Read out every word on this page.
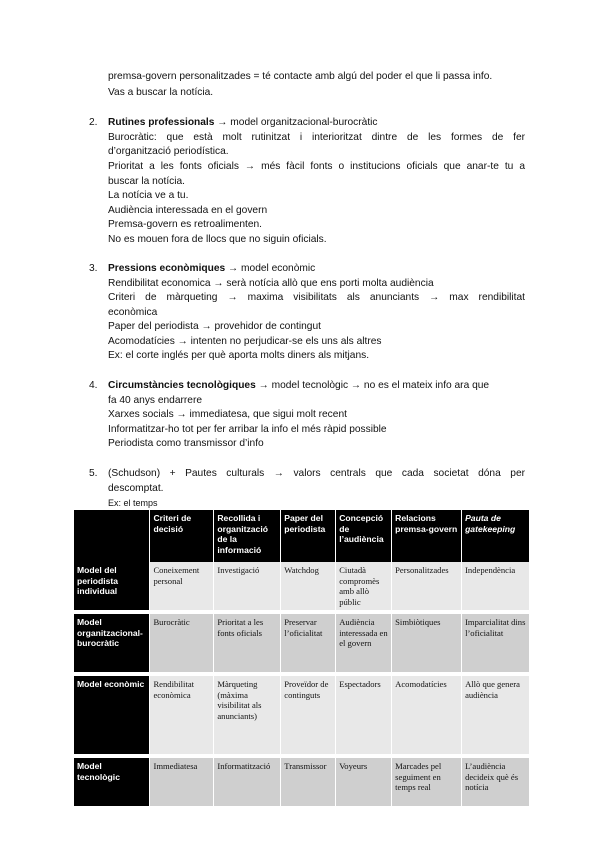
premsa-govern personalitzades = té contacte amb algú del poder el que li passa info.
Vas a buscar la notícia.
2. Rutines professionals → model organitzacional-burocràtic
Burocràtic: que està molt rutinitzat i interioritzat dintre de les formes de fer
d’organització periodística.
Prioritat a les fonts oficials → més fàcil fonts o institucions oficials que anar-te tu a
buscar la notícia.
La notícia ve a tu.
Audiència interessada en el govern
Premsa-govern es retroalimenten.
No es mouen fora de llocs que no siguin oficials.
3. Pressions econòmiques → model econòmic
Rendibilitat economica → serà notícia allò que ens porti molta audiència
Criteri de màrqueting → maxima visibilitats als anunciants → max rendibilitat
econòmica
Paper del periodista → provehidor de contingut
Acomodatícies → intenten no perjudicar-se els uns als altres
Ex: el corte inglés per què aporta molts diners als mitjans.
4. Circumstàncies tecnològiques → model tecnològic → no es el mateix info ara que
fa 40 anys endarrere
Xarxes socials → immediatesa, que sigui molt recent
Informatitzar-ho tot per fer arribar la info el més ràpid possible
Periodista como transmissor d’info
5. (Schudson) + Pautes culturals → valors centrals que cada societat dóna per
descomptat.
Ex: el temps
	Criteri de decisió	Recollida i organització de la informació	Paper del periodista	Concepció de l’audiència	Relacions premsa-govern	Pauta de gatekeeping
Model del periodista individual	Coneixement personal	Investigació	Watchdog	Ciutadà compromès amb allò públic	Personalitzades	Independència
Model organitzacional-burocràtic	Burocràtic	Prioritat a les fonts oficials	Preservar l’oficialitat	Audiència interessada en el govern	Simbiòtiques	Imparcialitat dins l’oficialitat
Model econòmic	Rendibilitat econòmica	Màrqueting (màxima visibilitat als anunciants)	Proveïdor de continguts	Espectadors	Acomodatícies	Allò que genera audiència
Model tecnològic	Immediatesa	Informatització	Transmissor	Voyeurs	Marcades pel seguiment en temps real	L’audiència decideix què és notícia
